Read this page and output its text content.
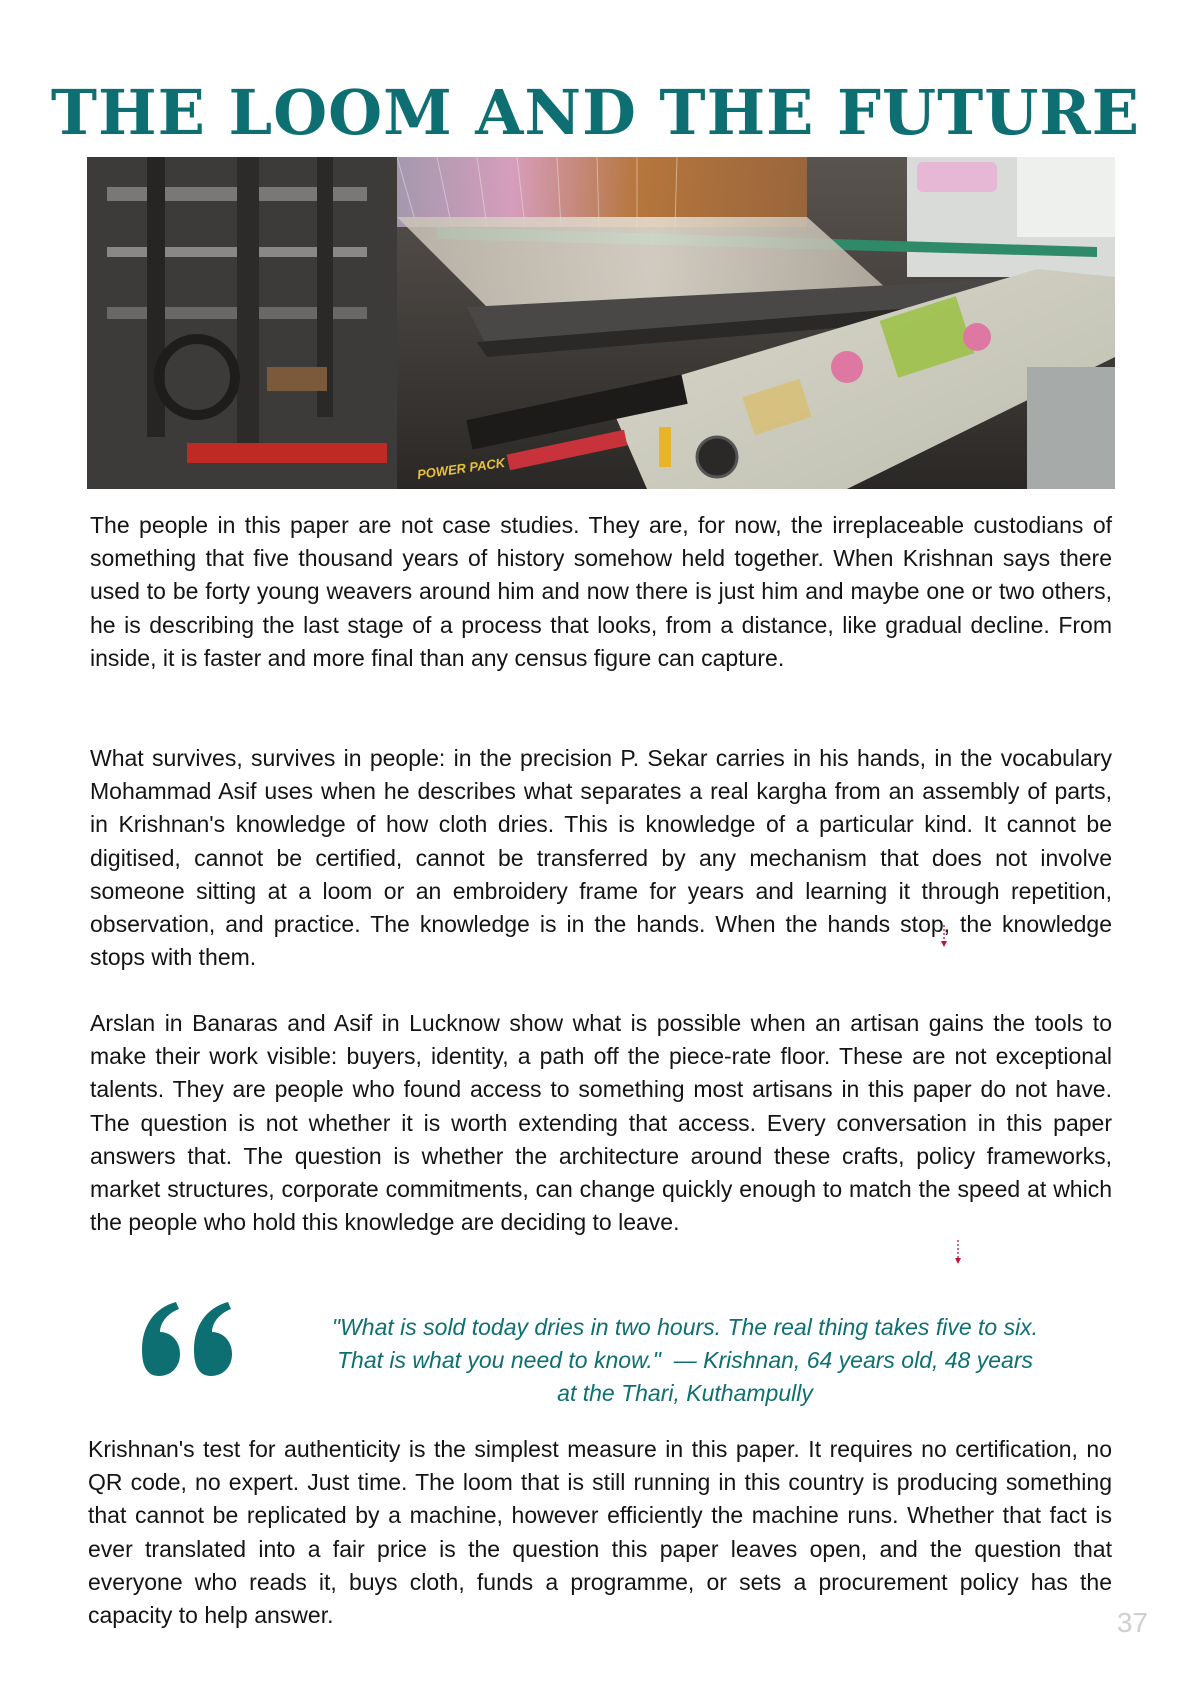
THE LOOM AND THE FUTURE
POWER PACK

The people in this paper are not case studies. They are, for now, the irreplaceable custodians of something that five thousand years of history somehow held together. When Krishnan says there used to be forty young weavers around him and now there is just him and maybe one or two others, he is describing the last stage of a process that looks, from a distance, like gradual decline. From inside, it is faster and more final than any census figure can capture.

What survives, survives in people: in the precision P. Sekar carries in his hands, in the vocabulary Mohammad Asif uses when he describes what separates a real kargha from an assembly of parts, in Krishnan's knowledge of how cloth dries. This is knowledge of a particular kind. It cannot be digitised, cannot be certified, cannot be transferred by any mechanism that does not involve someone sitting at a loom or an embroidery frame for years and learning it through repetition, observation, and practice. The knowledge is in the hands. When the hands stop, the knowledge stops with them.

Arslan in Banaras and Asif in Lucknow show what is possible when an artisan gains the tools to make their work visible: buyers, identity, a path off the piece-rate floor. These are not exceptional talents. They are people who found access to something most artisans in this paper do not have. The question is not whether it is worth extending that access. Every conversation in this paper answers that. The question is whether the architecture around these crafts, policy frameworks, market structures, corporate commitments, can change quickly enough to match the speed at which the people who hold this knowledge are deciding to leave.

"What is sold today dries in two hours. The real thing takes five to six.
That is what you need to know."  — Krishnan, 64 years old, 48 years
at the Thari, Kuthampully

Krishnan's test for authenticity is the simplest measure in this paper. It requires no certification, no QR code, no expert. Just time. The loom that is still running in this country is producing something that cannot be replicated by a machine, however efficiently the machine runs. Whether that fact is ever translated into a fair price is the question this paper leaves open, and the question that everyone who reads it, buys cloth, funds a programme, or sets a procurement policy has the capacity to help answer.	37
